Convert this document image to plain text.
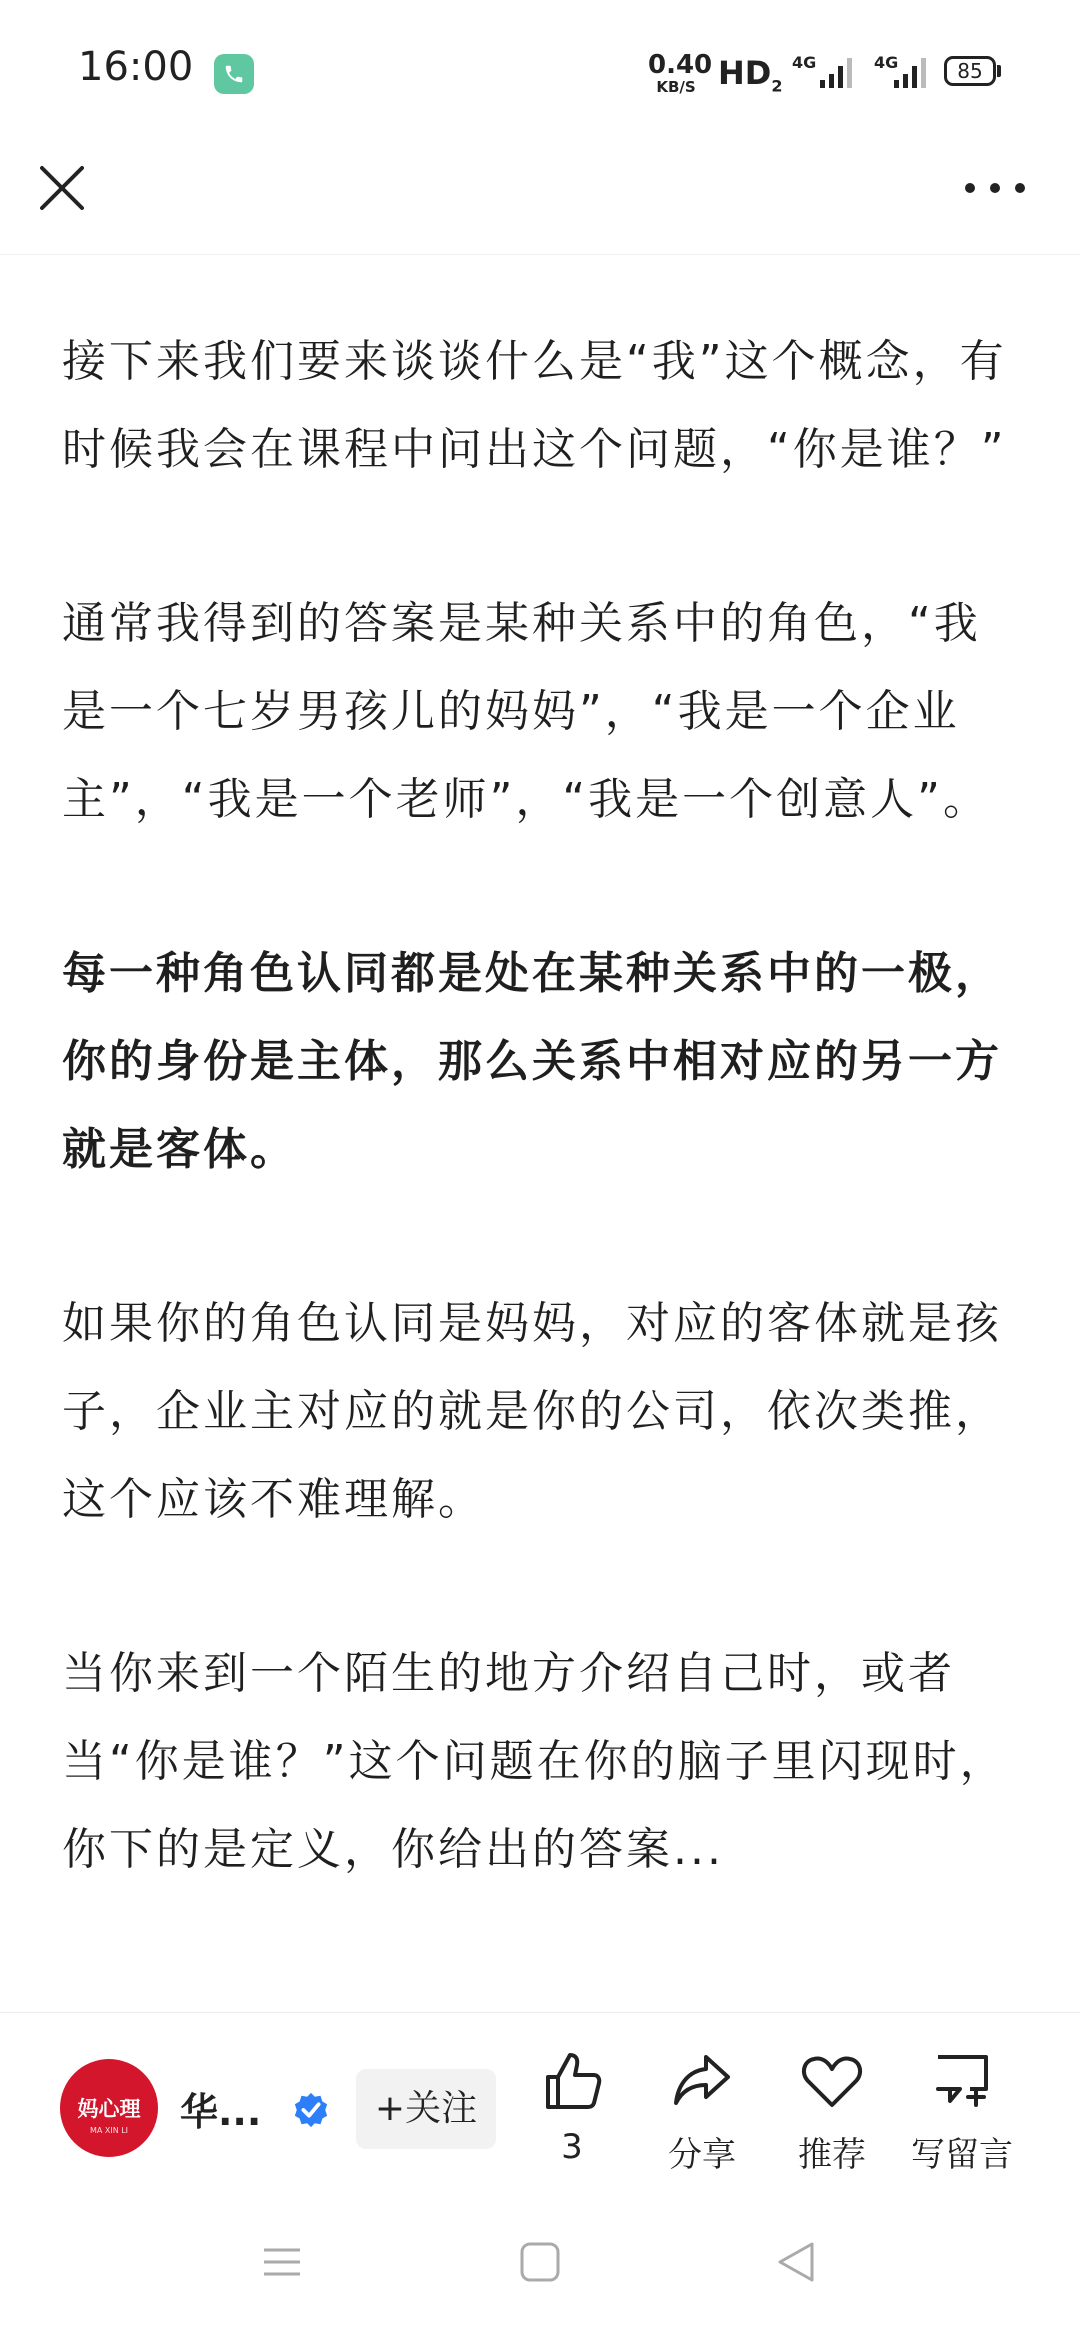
16:00	0.40
KB/S $HD_2$
4G	4G	85

接下来我们要来谈谈什么是“我”这个概念，有时候我会在课程中问出这个问题，“你是谁？”

通常我得到的答案是某种关系中的角色，“我是一个七岁男孩儿的妈妈”，“我是一个企业主”，“我是一个老师”，“我是一个创意人”。

每一种角色认同都是处在某种关系中的一极，你的身份是主体，那么关系中相对应的另一方就是客体。

如果你的角色认同是妈妈，对应的客体就是孩子，企业主对应的就是你的公司，依次类推，这个应该不难理解。

当你来到一个陌生的地方介绍自己时，或者当“你是谁？”这个问题在你的脑子里闪现时，你下的是定义，你给出的答案...

妈心理
MA XIN LI	华...	+关注
3	分享	推荐	写留言
